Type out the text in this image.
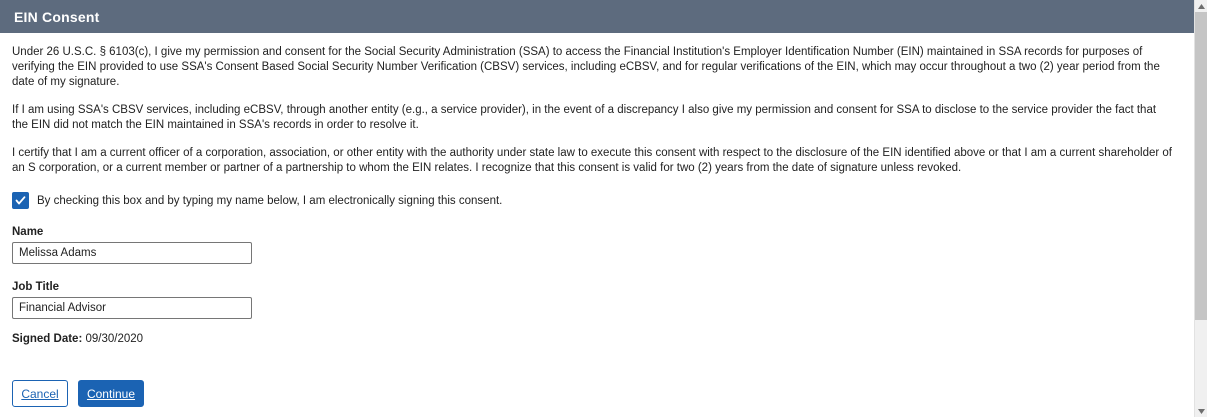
EIN Consent

Under 26 U.S.C. § 6103(c), I give my permission and consent for the Social Security Administration (SSA) to access the Financial Institution's Employer Identification Number (EIN) maintained in SSA records for purposes of verifying the EIN provided to use SSA's Consent Based Social Security Number Verification (CBSV) services, including eCBSV, and for regular verifications of the EIN, which may occur throughout a two (2) year period from the date of my signature.

If I am using SSA's CBSV services, including eCBSV, through another entity (e.g., a service provider), in the event of a discrepancy I also give my permission and consent for SSA to disclose to the service provider the fact that the EIN did not match the EIN maintained in SSA's records in order to resolve it.

I certify that I am a current officer of a corporation, association, or other entity with the authority under state law to execute this consent with respect to the disclosure of the EIN identified above or that I am a current shareholder of an S corporation, or a current member or partner of a partnership to whom the EIN relates. I recognize that this consent is valid for two (2) years from the date of signature unless revoked.

By checking this box and by typing my name below, I am electronically signing this consent.
Name
Melissa Adams
Job Title
Financial Advisor
Signed Date: 09/30/2020
Cancel Continue
